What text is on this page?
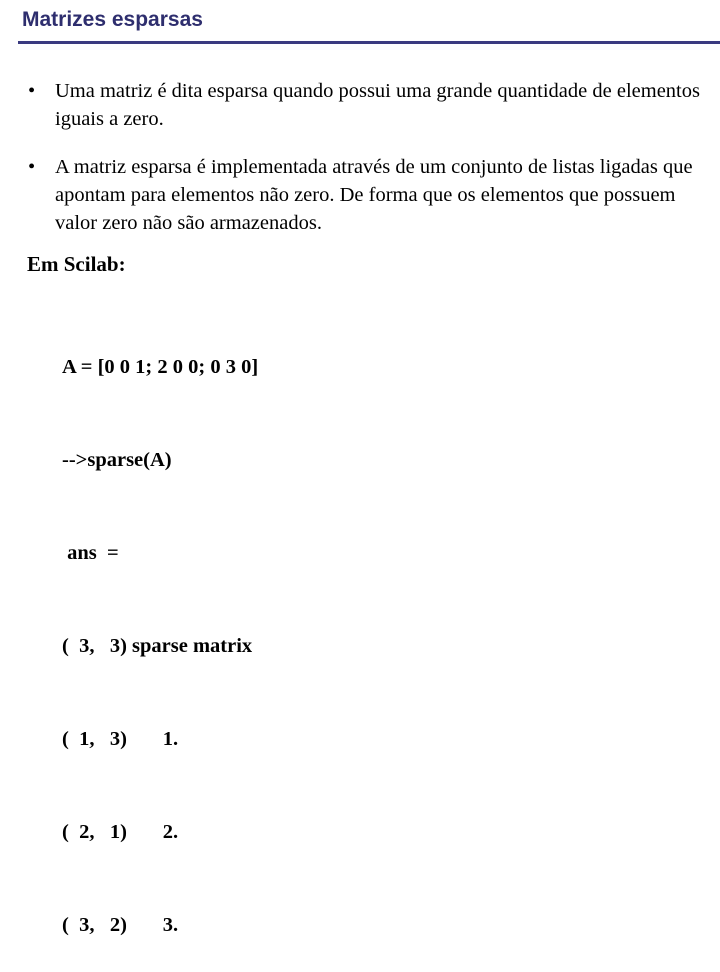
Matrizes esparsas
• Uma matriz é dita esparsa quando possui uma grande quantidade de elementos iguais a zero.
• A matriz esparsa é implementada através de um conjunto de listas ligadas que apontam para elementos não zero. De forma que os elementos que possuem valor zero não são armazenados.
Em Scilab:

A = [0 0 1; 2 0 0; 0 3 0]

-->sparse(A)

ans  =

(  3,   3) sparse matrix

(  1,   3)       1.

(  2,   1)       2.

(  3,   2)       3.
